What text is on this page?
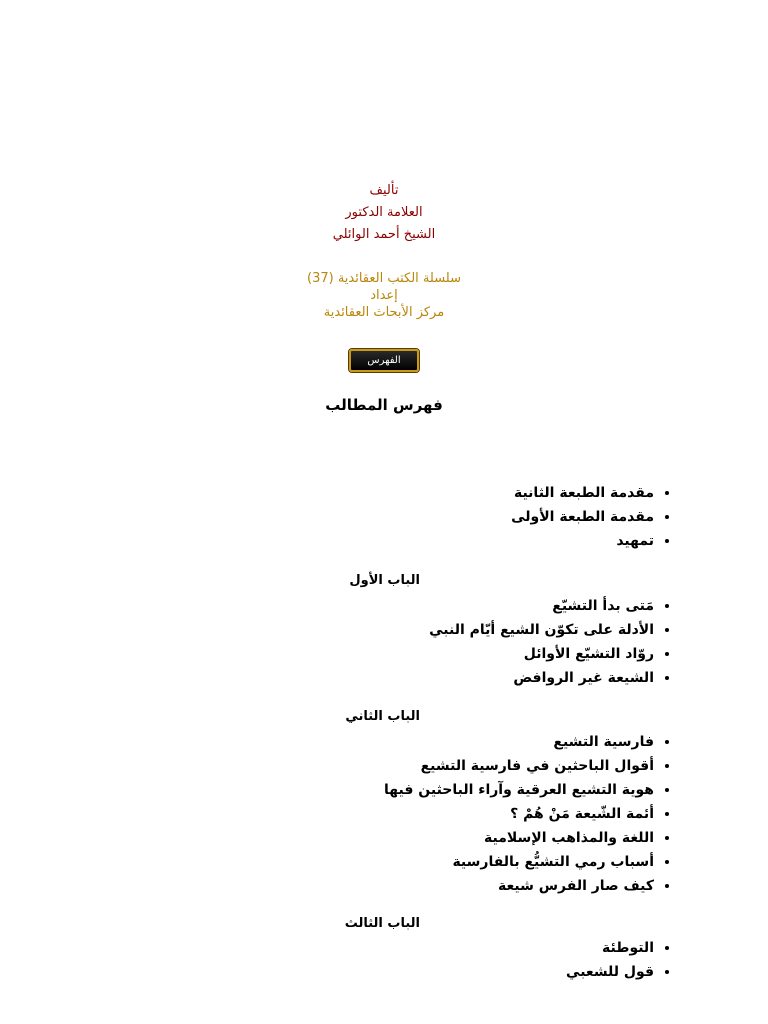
تأليف
العلامة الدكتور
الشيخ أحمد الوائلي
سلسلة الكتب العقائدية (37)
إعداد
مركز الأبحاث العقائدية
الفهرس
فهرس المطالب
• مقدمة الطبعة الثانية
• مقدمة الطبعة الأولى
• تمهيد
الباب الأول
• مَتى بدأ التشيّع
• الأدلة على تكوّن الشيع أيّام النبي
• روّاد التشيّع الأوائل
• الشيعة غير الروافض
الباب الثاني
• فارسية التشيع
• أقوال الباحثين في فارسية التشيع
• هوية التشيع العرقية وآراء الباحثين فيها
• أئمة الشّيعة مَنْ هُمْ ؟
• اللغة والمذاهب الإسلامية
• أسباب رمي التشيُّع بالفارسية
• كيف صار الفرس شيعة
الباب الثالث
• التوطئة
• قول للشعبي
